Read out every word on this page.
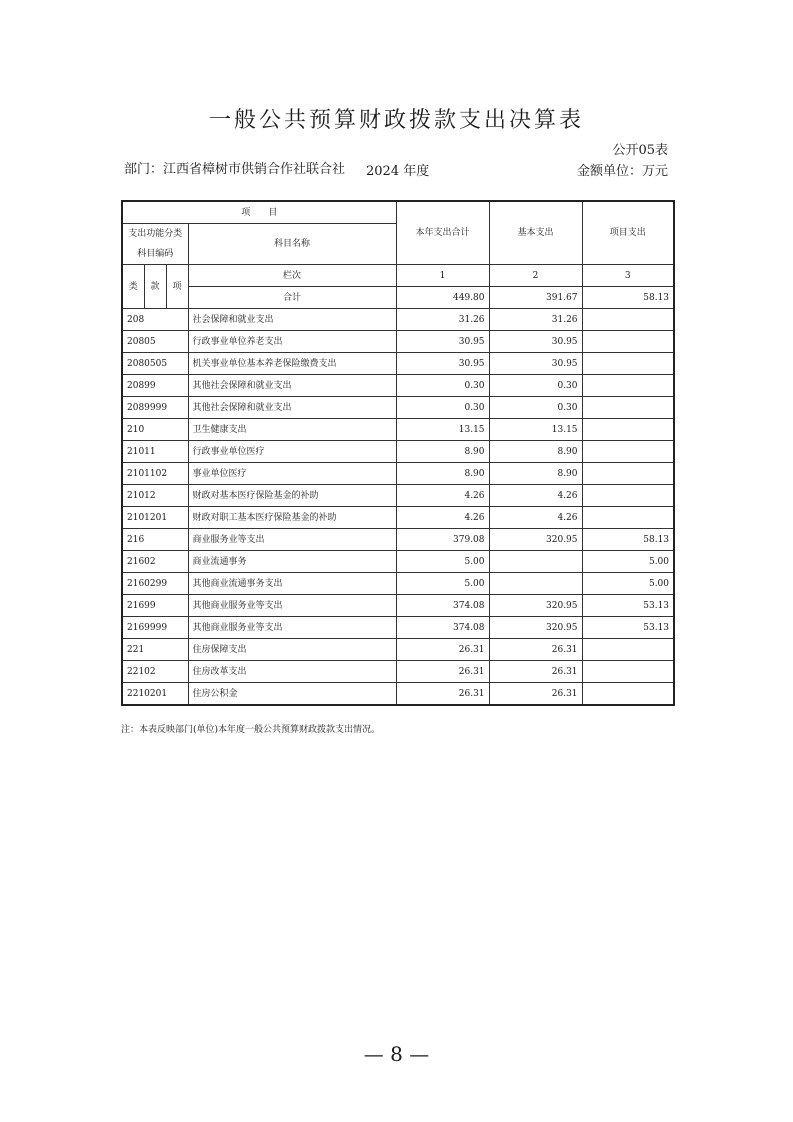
一般公共预算财政拨款支出决算表
公开05表
部门：江西省樟树市供销合作社联合社	2024 年度	金额单位：万元
项　　目				本年支出合计	基本支出	项目支出
支出功能分类科目编码			科目名称			

类	款	项	栏次	1	2	3
			合计	449.80	391.67	58.13
208			社会保障和就业支出	31.26	31.26	
20805			行政事业单位养老支出	30.95	30.95	
2080505			机关事业单位基本养老保险缴费支出	30.95	30.95	
20899			其他社会保障和就业支出	0.30	0.30	
2089999			其他社会保障和就业支出	0.30	0.30	
210			卫生健康支出	13.15	13.15	
21011			行政事业单位医疗	8.90	8.90	
2101102			事业单位医疗	8.90	8.90	
21012			财政对基本医疗保险基金的补助	4.26	4.26	
2101201			财政对职工基本医疗保险基金的补助	4.26	4.26	
216			商业服务业等支出	379.08	320.95	58.13
21602			商业流通事务	5.00		5.00
2160299			其他商业流通事务支出	5.00		5.00
21699			其他商业服务业等支出	374.08	320.95	53.13
2169999			其他商业服务业等支出	374.08	320.95	53.13
221			住房保障支出	26.31	26.31	
22102			住房改革支出	26.31	26.31	
2210201			住房公积金	26.31	26.31	
注：本表反映部门(单位)本年度一般公共预算财政拨款支出情况。
— 8 —
